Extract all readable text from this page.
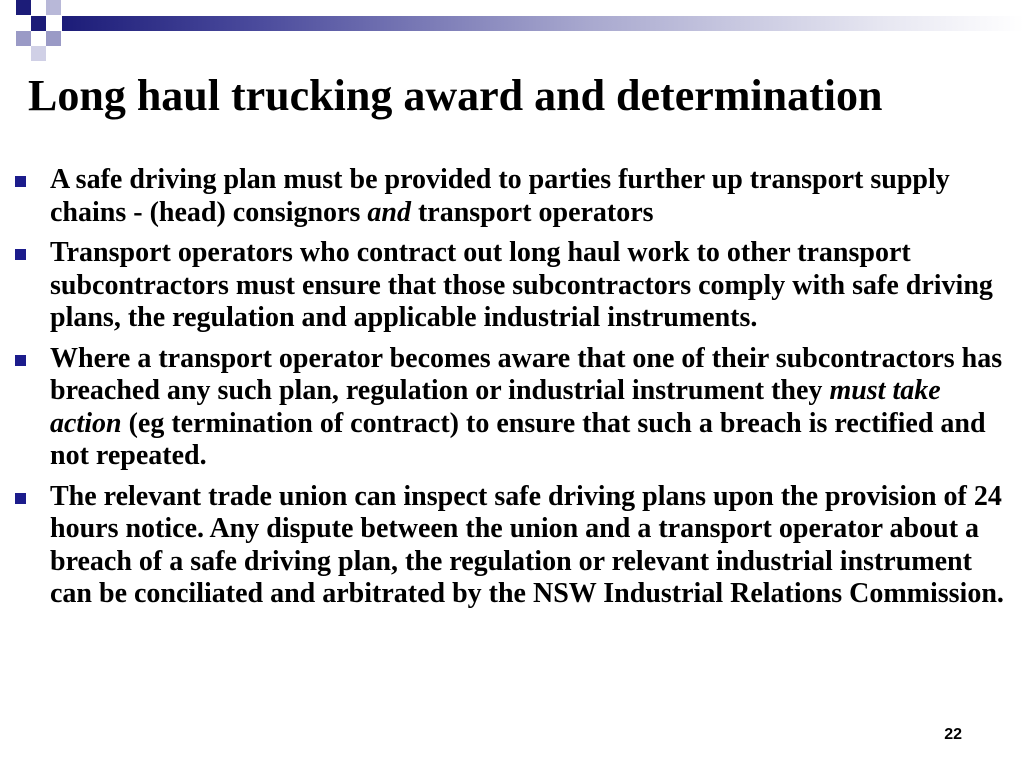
Long haul trucking award and determination
A safe driving plan must be provided to parties further up transport supply chains - (head) consignors and transport operators
Transport operators who contract out long haul work to other transport subcontractors must ensure that those subcontractors comply with safe driving plans, the regulation and applicable industrial instruments.
Where a transport operator becomes aware that one of their subcontractors has breached any such plan, regulation or industrial instrument they must take action (eg termination of contract) to ensure that such a breach is rectified and not repeated.
The relevant trade union can inspect safe driving plans upon the provision of 24 hours notice. Any dispute between the union and a transport operator about a breach of a safe driving plan, the regulation or relevant industrial instrument can be conciliated and arbitrated by the NSW Industrial Relations Commission.
22
